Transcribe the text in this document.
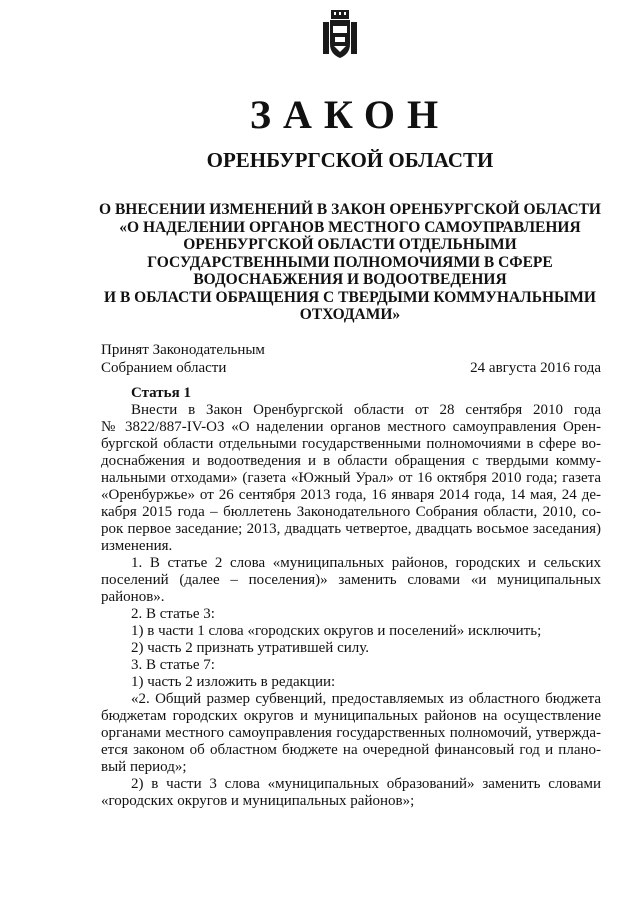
ЗАКОН
ОРЕНБУРГСКОЙ ОБЛАСТИ
О ВНЕСЕНИИ ИЗМЕНЕНИЙ В ЗАКОН ОРЕНБУРГСКОЙ ОБЛАСТИ
«О НАДЕЛЕНИИ ОРГАНОВ МЕСТНОГО САМОУПРАВЛЕНИЯ
ОРЕНБУРГСКОЙ ОБЛАСТИ ОТДЕЛЬНЫМИ
ГОСУДАРСТВЕННЫМИ ПОЛНОМОЧИЯМИ В СФЕРЕ
ВОДОСНАБЖЕНИЯ И ВОДООТВЕДЕНИЯ
И В ОБЛАСТИ ОБРАЩЕНИЯ С ТВЕРДЫМИ КОММУНАЛЬНЫМИ
ОТХОДАМИ»
Принят Законодательным
Собранием области	24 августа 2016 года
Статья 1
Внести в Закон Оренбургской области от 28 сентября 2010 года
№ 3822/887-IV-ОЗ «О наделении органов местного самоуправления Орен-
бургской области отдельными государственными полномочиями в сфере во-
доснабжения и водоотведения и в области обращения с твердыми комму-
нальными отходами» (газета «Южный Урал» от 16 октября 2010 года; газета
«Оренбуржье» от 26 сентября 2013 года, 16 января 2014 года, 14 мая, 24 де-
кабря 2015 года – бюллетень Законодательного Собрания области, 2010, со-
рок первое заседание; 2013, двадцать четвертое, двадцать восьмое заседания)
изменения.
1. В статье 2 слова «муниципальных районов, городских и сельских
поселений (далее – поселения)» заменить словами «и муниципальных
районов».
2. В статье 3:
1) в части 1 слова «городских округов и поселений» исключить;
2) часть 2 признать утратившей силу.
3. В статье 7:
1) часть 2 изложить в редакции:
«2. Общий размер субвенций, предоставляемых из областного бюджета
бюджетам городских округов и муниципальных районов на осуществление
органами местного самоуправления государственных полномочий, утвержда-
ется законом об областном бюджете на очередной финансовый год и плано-
вый период»;
2) в части 3 слова «муниципальных образований» заменить словами
«городских округов и муниципальных районов»;
